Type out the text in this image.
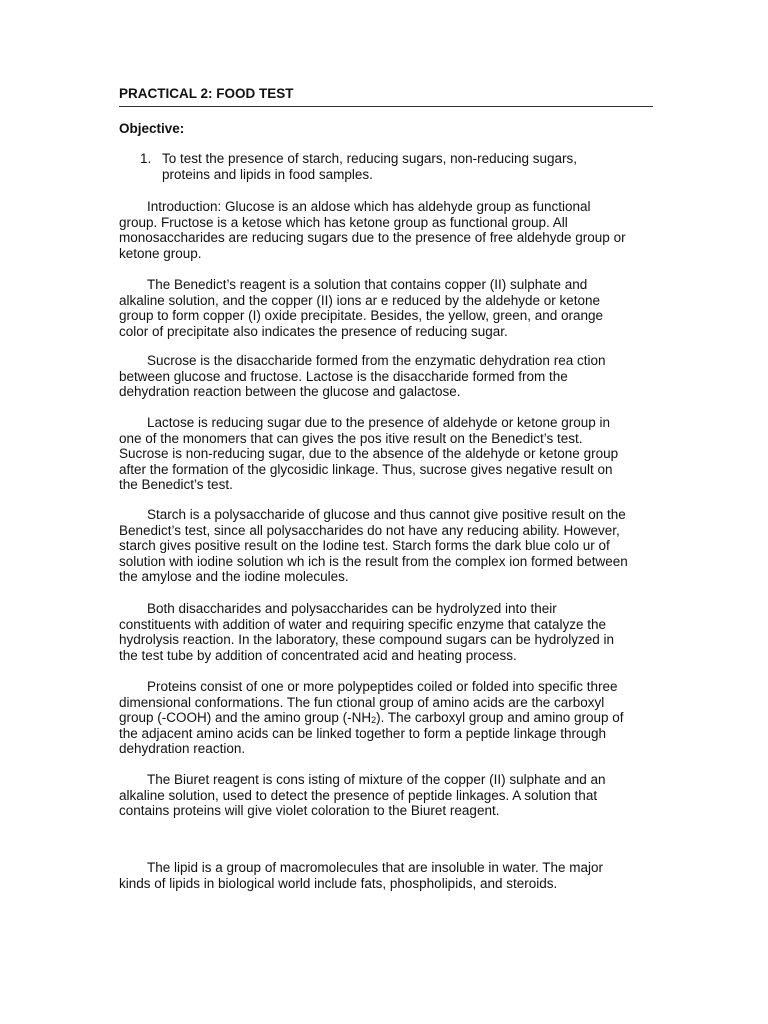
PRACTICAL 2: FOOD TEST
Objective:
1. To test the presence of starch, reducing sugars, non‑reducing sugars,
proteins and lipids in food samples.
Introduction: Glucose is an aldose which has aldehyde group as functional
group. Fructose is a ketose which has ketone group as functional group. All
monosaccharides are reducing sugars due to the presence of free aldehyde group or
ketone group.
The Benedict’s reagent is a solution that contains copper (II) sulphate and
alkaline solution, and the copper (II) ions ar e reduced by the aldehyde or ketone
group to form copper (I) oxide precipitate. Besides, the yellow, green, and orange
color of precipitate also indicates the presence of reducing sugar.
Sucrose is the disaccharide formed from the enzymatic dehydration rea ction
between glucose and fructose. Lactose is the disaccharide formed from the
dehydration reaction between the glucose and galactose.
Lactose is reducing sugar due to the presence of aldehyde or ketone group in
one of the monomers that can gives the pos itive result on the Benedict’s test.
Sucrose is non‑reducing sugar, due to the absence of the aldehyde or ketone group
after the formation of the glycosidic linkage. Thus, sucrose gives negative result on
the Benedict’s test.
Starch is a polysaccharide of glucose and thus cannot give positive result on the
Benedict’s test, since all polysaccharides do not have any reducing ability. However,
starch gives positive result on the Iodine test. Starch forms the dark blue colo ur of
solution with iodine solution wh ich is the result from the complex ion formed between
the amylose and the iodine molecules.
Both disaccharides and polysaccharides can be hydrolyzed into their
constituents with addition of water and requiring specific enzyme that catalyze the
hydrolysis reaction. In the laboratory, these compound sugars can be hydrolyzed in
the test tube by addition of concentrated acid and heating process.
Proteins consist of one or more polypeptides coiled or folded into specific three
dimensional conformations. The fun ctional group of amino acids are the carboxyl
group (-COOH) and the amino group $(‑NH_2)$. The carboxyl group and amino group of
the adjacent amino acids can be linked together to form a peptide linkage through
dehydration reaction.
The Biuret reagent is cons isting of mixture of the copper (II) sulphate and an
alkaline solution, used to detect the presence of peptide linkages. A solution that
contains proteins will give violet coloration to the Biuret reagent.
The lipid is a group of macromolecules that are insoluble in water. The major
kinds of lipids in biological world include fats, phospholipids, and steroids.
